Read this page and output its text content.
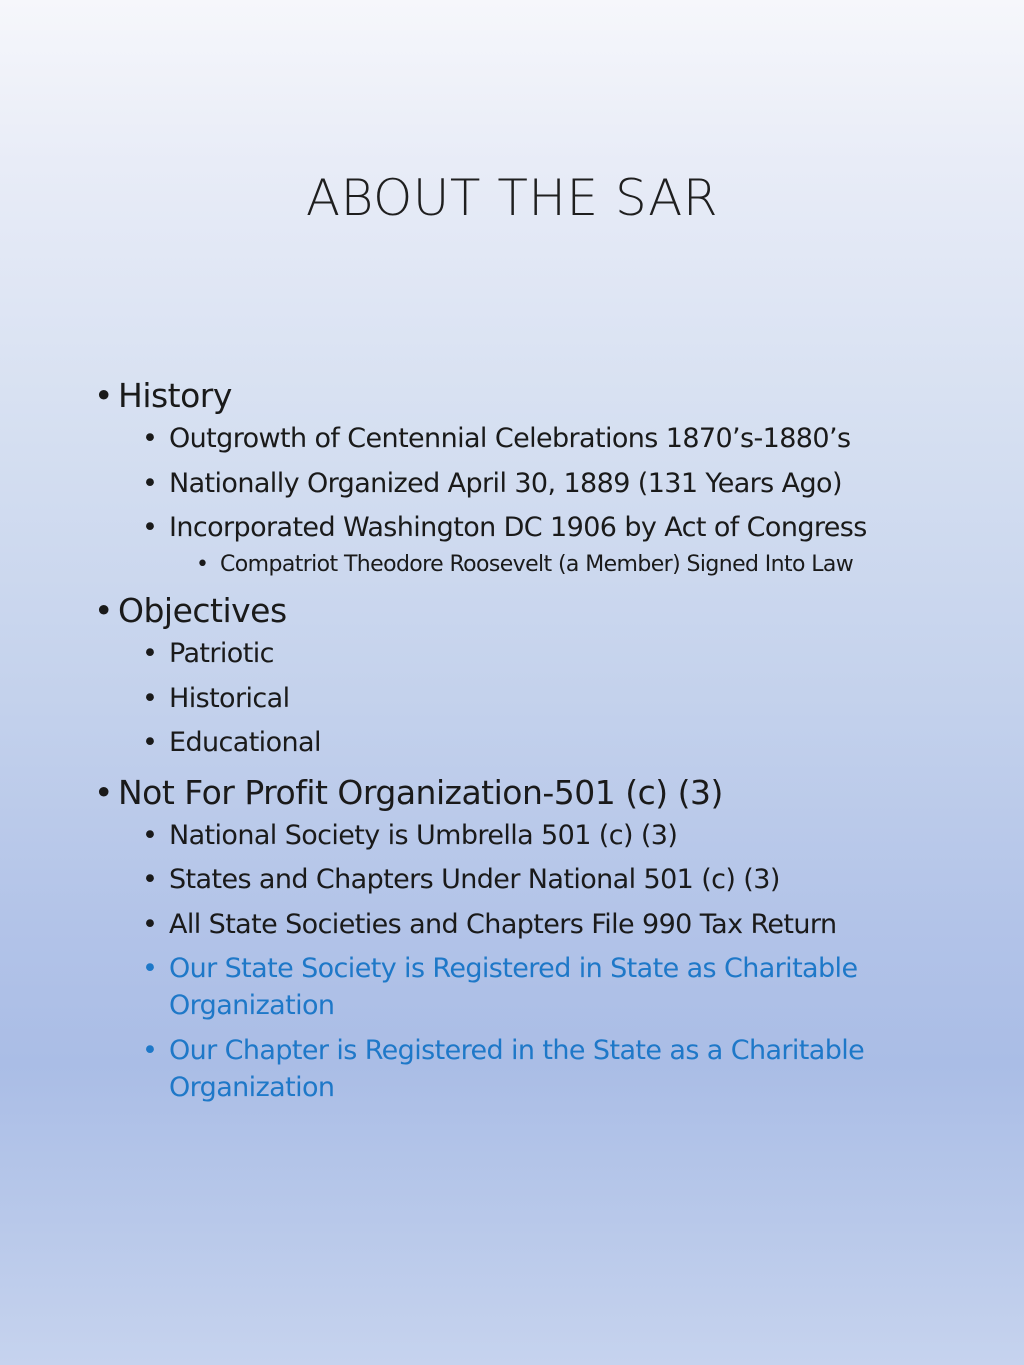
ABOUT THE SAR
• History
• Outgrowth of Centennial Celebrations 1870’s-1880’s
• Nationally Organized April 30, 1889 (131 Years Ago)
• Incorporated Washington DC 1906 by Act of Congress
• Compatriot Theodore Roosevelt (a Member) Signed Into Law
• Objectives
• Patriotic
• Historical
• Educational
• Not For Profit Organization-501 (c) (3)
• National Society is Umbrella 501 (c) (3)
• States and Chapters Under National 501 (c) (3)
• All State Societies and Chapters File 990 Tax Return
• Our State Society is Registered in State as Charitable Organization
• Our Chapter is Registered in the State as a Charitable Organization
